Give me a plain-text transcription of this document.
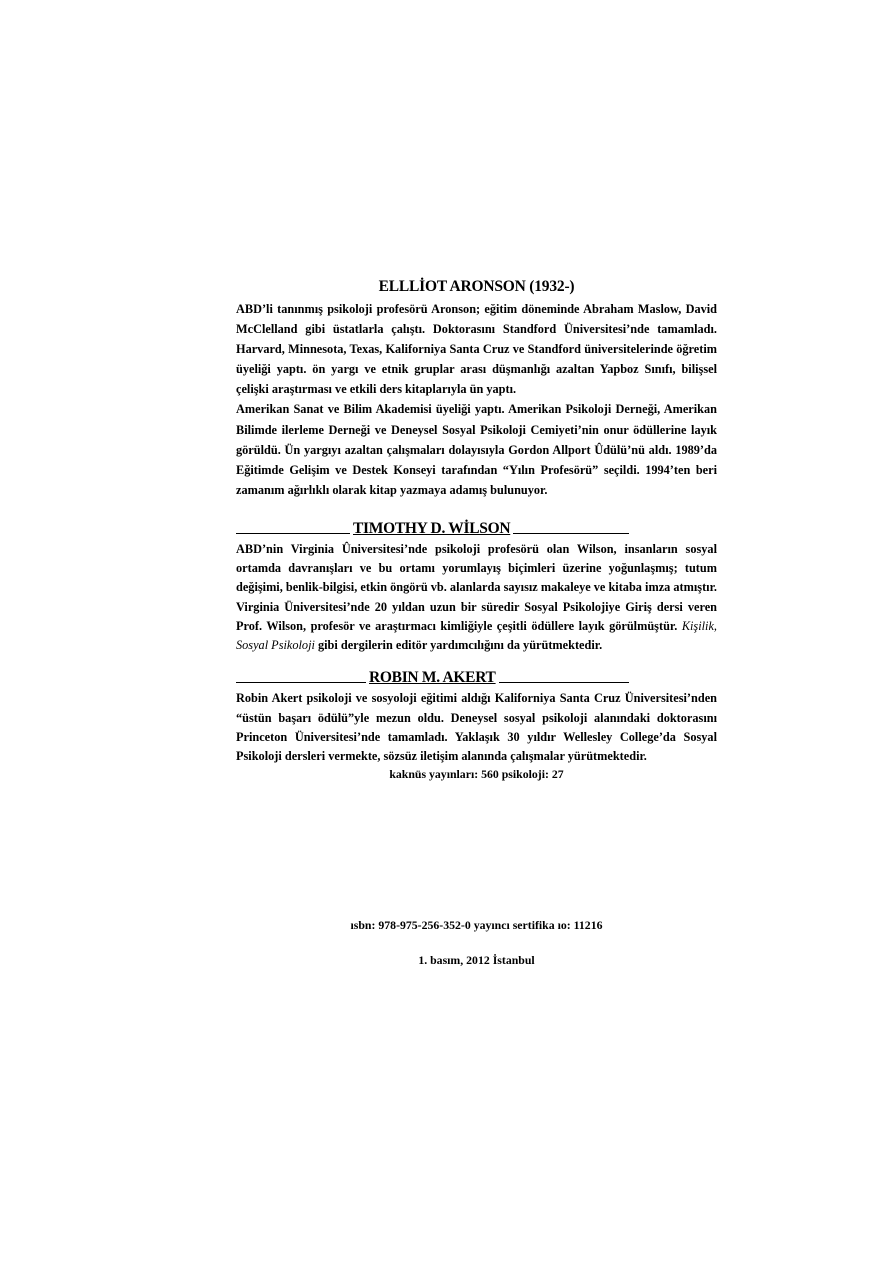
ELLLİOT ARONSON (1932-)

ABD’li tanınmış psikoloji profesörü Aronson; eğitim döneminde Abraham Maslow, David McClelland gibi üstatlarla çalıştı. Doktorasını Standford Üniversitesi’nde tamamladı. Harvard, Minnesota, Texas, Kaliforniya Santa Cruz ve Standford üniversitelerinde öğretim üyeliği yaptı. ön yargı ve etnik gruplar arası düşmanlığı azaltan Yapboz Sınıfı, bilişsel çelişki araştırması ve etkili ders kitaplarıyla ün yaptı.

Amerikan Sanat ve Bilim Akademisi üyeliği yaptı. Amerikan Psikoloji Derneği, Amerikan Bilimde ilerleme Derneği ve Deneysel Sosyal Psikoloji Cemiyeti’nin onur ödüllerine layık görüldü. Ün yargıyı azaltan çalışmaları dolayısıyla Gordon Allport Ûdülü’nü aldı. 1989’da Eğitimde Gelişim ve Destek Konseyi tarafından “Yılın Profesörü” seçildi. 1994’ten beri zamanım ağırlıklı olarak kitap yazmaya adamış bulunuyor.

TIMOTHY D. WİLSON

ABD’nin Virginia Ûniversitesi’nde psikoloji profesörü olan Wilson, insanların sosyal ortamda davranışları ve bu ortamı yorumlayış biçimleri üzerine yoğunlaşmış; tutum değişimi, benlik-bilgisi, etkin öngörü vb. alanlarda sayısız makaleye ve kitaba imza atmıştır. Virginia Üniversitesi’nde 20 yıldan uzun bir süredir Sosyal Psikolojiye Giriş dersi veren Prof. Wilson, profesör ve araştırmacı kimliğiyle çeşitli ödüllere layık görülmüştür. Kişilik, Sosyal Psikoloji gibi dergilerin editör yardımcılığını da yürütmektedir.

ROBIN M. AKERT

Robin Akert psikoloji ve sosyoloji eğitimi aldığı Kaliforniya Santa Cruz Üniversitesi’nden “üstün başarı ödülü”yle mezun oldu. Deneysel sosyal psikoloji alanındaki doktorasını Princeton Üniversitesi’nde tamamladı. Yaklaşık 30 yıldır Wellesley College’da Sosyal Psikoloji dersleri vermekte, sözsüz iletişim alanında çalışmalar yürütmektedir.

kaknüs yayınları: 560 psikoloji: 27
ısbn: 978-975-256-352-0 yayıncı sertifika ıo: 11216
1. basım, 2012 İstanbul
